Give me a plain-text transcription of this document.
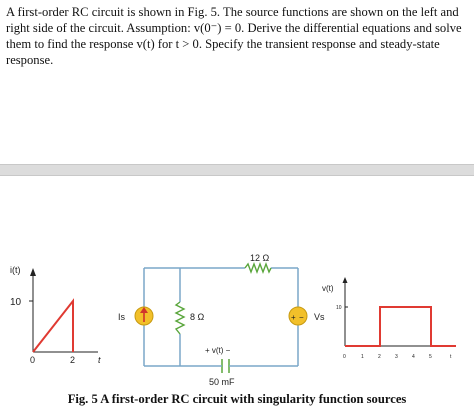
A first-order RC circuit is shown in Fig. 5. The source functions are shown on the left and
right side of the circuit. Assumption: v(0⁻) = 0. Derive the differential equations and solve
them to find the response v(t) for t > 0. Specify the transient response and steady-state
response.
i(t)
10
0	2	t
Is	8 Ω
12 Ω
+ − Vs
+ v(t) −
50 mF
v(t)
10
0	1	2	3	4	5	t
Fig. 5 A first-order RC circuit with singularity function sources
